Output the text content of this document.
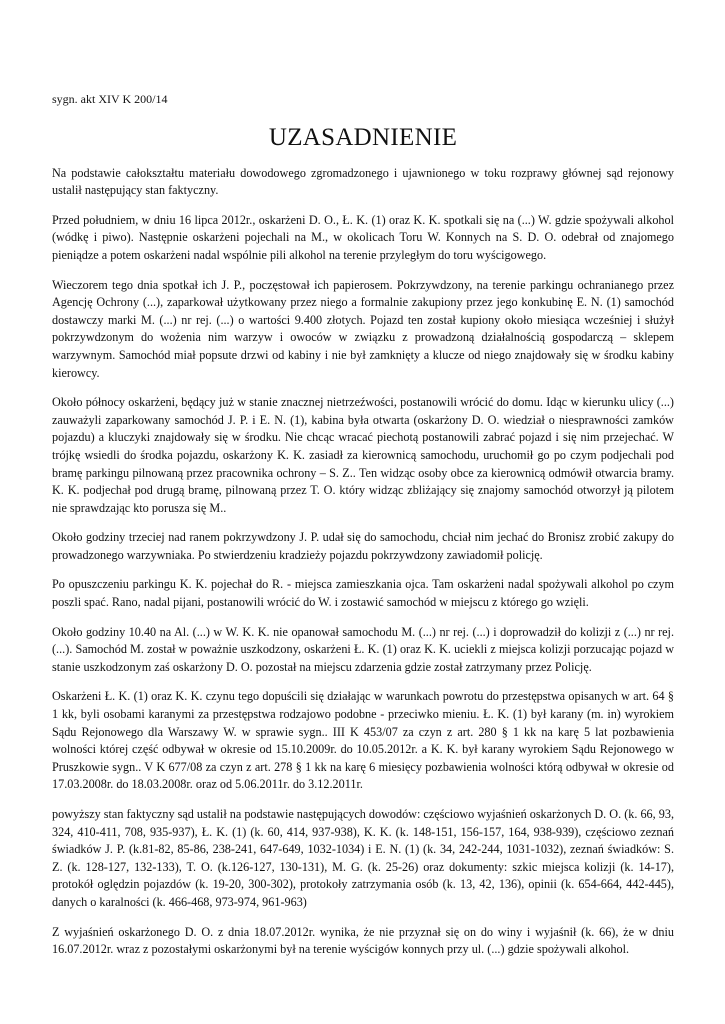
sygn. akt XIV K 200/14

UZASADNIENIE

Na podstawie całokształtu materiału dowodowego zgromadzonego i ujawnionego w toku rozprawy głównej sąd rejonowy ustalił następujący stan faktyczny.

Przed południem, w dniu 16 lipca 2012r., oskarżeni D. O., Ł. K. (1) oraz K. K. spotkali się na (...) W. gdzie spożywali alkohol (wódkę i piwo). Następnie oskarżeni pojechali na M., w okolicach Toru W. Konnych na S. D. O. odebrał od znajomego pieniądze a potem oskarżeni nadal wspólnie pili alkohol na terenie przyległym do toru wyścigowego.

Wieczorem tego dnia spotkał ich J. P., poczęstował ich papierosem. Pokrzywdzony, na terenie parkingu ochranianego przez Agencję Ochrony (...), zaparkował użytkowany przez niego a formalnie zakupiony przez jego konkubinę E. N. (1) samochód dostawczy marki M. (...) nr rej. (...) o wartości 9.400 złotych. Pojazd ten został kupiony około miesiąca wcześniej i służył pokrzywdzonym do wożenia nim warzyw i owoców w związku z prowadzoną działalnością gospodarczą – sklepem warzywnym. Samochód miał popsute drzwi od kabiny i nie był zamknięty a klucze od niego znajdowały się w środku kabiny kierowcy.

Około północy oskarżeni, będący już w stanie znacznej nietrzeźwości, postanowili wrócić do domu. Idąc w kierunku ulicy (...) zauważyli zaparkowany samochód J. P. i E. N. (1), kabina była otwarta (oskarżony D. O. wiedział o niesprawności zamków pojazdu) a kluczyki znajdowały się w środku. Nie chcąc wracać piechotą postanowili zabrać pojazd i się nim przejechać. W trójkę wsiedli do środka pojazdu, oskarżony K. K. zasiadł za kierownicą samochodu, uruchomił go po czym podjechali pod bramę parkingu pilnowaną przez pracownika ochrony – S. Z.. Ten widząc osoby obce za kierownicą odmówił otwarcia bramy. K. K. podjechał pod drugą bramę, pilnowaną przez T. O. który widząc zbliżający się znajomy samochód otworzył ją pilotem nie sprawdzając kto porusza się M..

Około godziny trzeciej nad ranem pokrzywdzony J. P. udał się do samochodu, chciał nim jechać do Bronisz zrobić zakupy do prowadzonego warzywniaka. Po stwierdzeniu kradzieży pojazdu pokrzywdzony zawiadomił policję.

Po opuszczeniu parkingu K. K. pojechał do R. - miejsca zamieszkania ojca. Tam oskarżeni nadal spożywali alkohol po czym poszli spać. Rano, nadal pijani, postanowili wrócić do W. i zostawić samochód w miejscu z którego go wzięli.

Około godziny 10.40 na Al. (...) w W. K. K. nie opanował samochodu M. (...) nr rej. (...) i doprowadził do kolizji z (...) nr rej. (...). Samochód M. został w poważnie uszkodzony, oskarżeni Ł. K. (1) oraz K. K. uciekli z miejsca kolizji porzucając pojazd w stanie uszkodzonym zaś oskarżony D. O. pozostał na miejscu zdarzenia gdzie został zatrzymany przez Policję.

Oskarżeni Ł. K. (1) oraz K. K. czynu tego dopuścili się działając w warunkach powrotu do przestępstwa opisanych w art. 64 § 1 kk, byli osobami karanymi za przestępstwa rodzajowo podobne - przeciwko mieniu. Ł. K. (1) był karany (m. in) wyrokiem Sądu Rejonowego dla Warszawy W. w sprawie sygn.. III K 453/07 za czyn z art. 280 § 1 kk na karę 5 lat pozbawienia wolności której część odbywał w okresie od 15.10.2009r. do 10.05.2012r. a K. K. był karany wyrokiem Sądu Rejonowego w Pruszkowie sygn.. V K 677/08 za czyn z art. 278 § 1 kk na karę 6 miesięcy pozbawienia wolności którą odbywał w okresie od 17.03.2008r. do 18.03.2008r. oraz od 5.06.2011r. do 3.12.2011r.

powyższy stan faktyczny sąd ustalił na podstawie następujących dowodów: częściowo wyjaśnień oskarżonych D. O. (k. 66, 93, 324, 410-411, 708, 935-937), Ł. K. (1) (k. 60, 414, 937-938), K. K. (k. 148-151, 156-157, 164, 938-939), częściowo zeznań świadków J. P. (k.81-82, 85-86, 238-241, 647-649, 1032-1034) i E. N. (1) (k. 34, 242-244, 1031-1032), zeznań świadków: S. Z. (k. 128-127, 132-133), T. O. (k.126-127, 130-131), M. G. (k. 25-26) oraz dokumenty: szkic miejsca kolizji (k. 14-17), protokół oględzin pojazdów (k. 19-20, 300-302), protokoły zatrzymania osób (k. 13, 42, 136), opinii (k. 654-664, 442-445), danych o karalności (k. 466-468, 973-974, 961-963)

Z wyjaśnień oskarżonego D. O. z dnia 18.07.2012r. wynika, że nie przyznał się on do winy i wyjaśnił (k. 66), że w dniu 16.07.2012r. wraz z pozostałymi oskarżonymi był na terenie wyścigów konnych przy ul. (...) gdzie spożywali alkohol.
